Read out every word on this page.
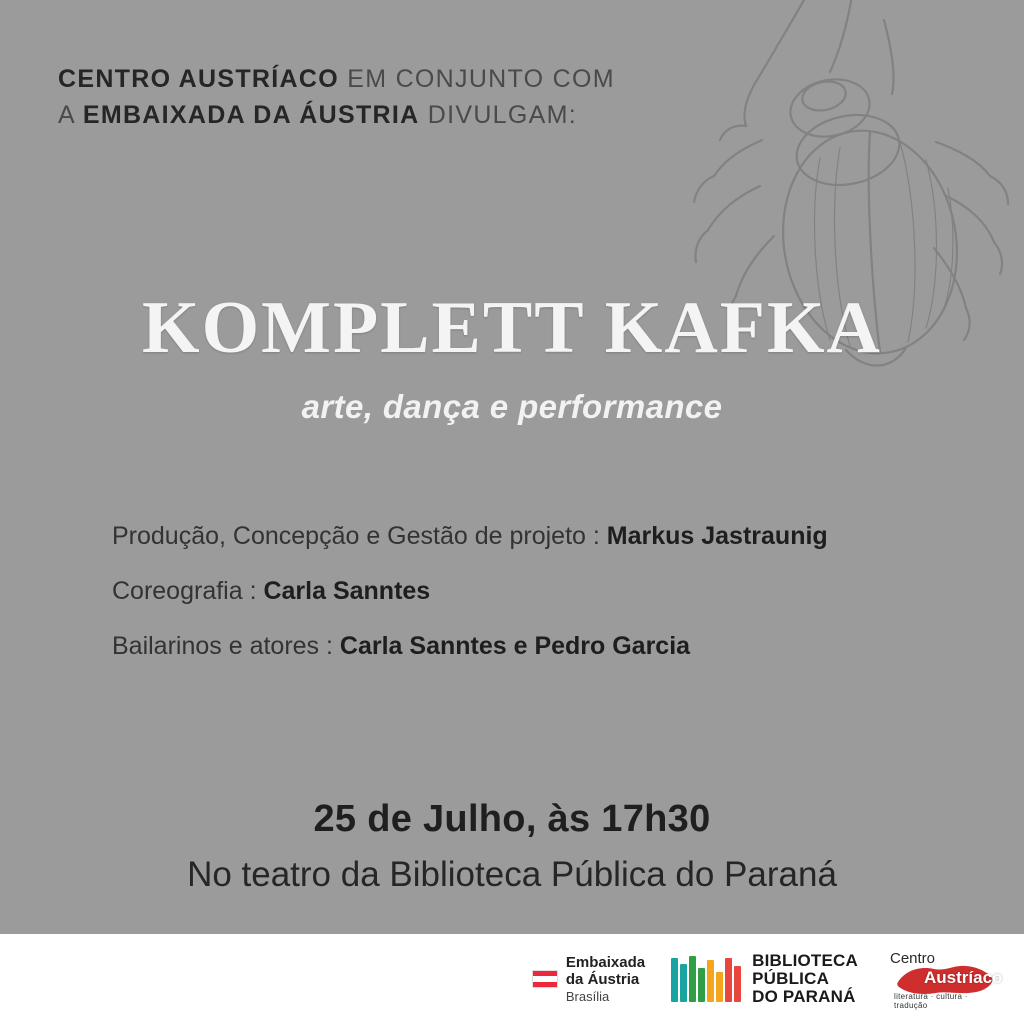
CENTRO AUSTRÍACO EM CONJUNTO COM
A EMBAIXADA DA ÁUSTRIA DIVULGAM:
KOMPLETT KAFKA
arte, dança e performance
Produção, Concepção e Gestão de projeto : Markus Jastraunig
Coreografia : Carla Sanntes
Bailarinos e atores : Carla Sanntes e Pedro Garcia
25 de Julho, às 17h30
No teatro da Biblioteca Pública do Paraná
Embaixada
da Áustria
Brasília
BIBLIOTECA
PÚBLICA
DO PARANÁ
Centro
Austríaco
literatura · cultura · tradução
